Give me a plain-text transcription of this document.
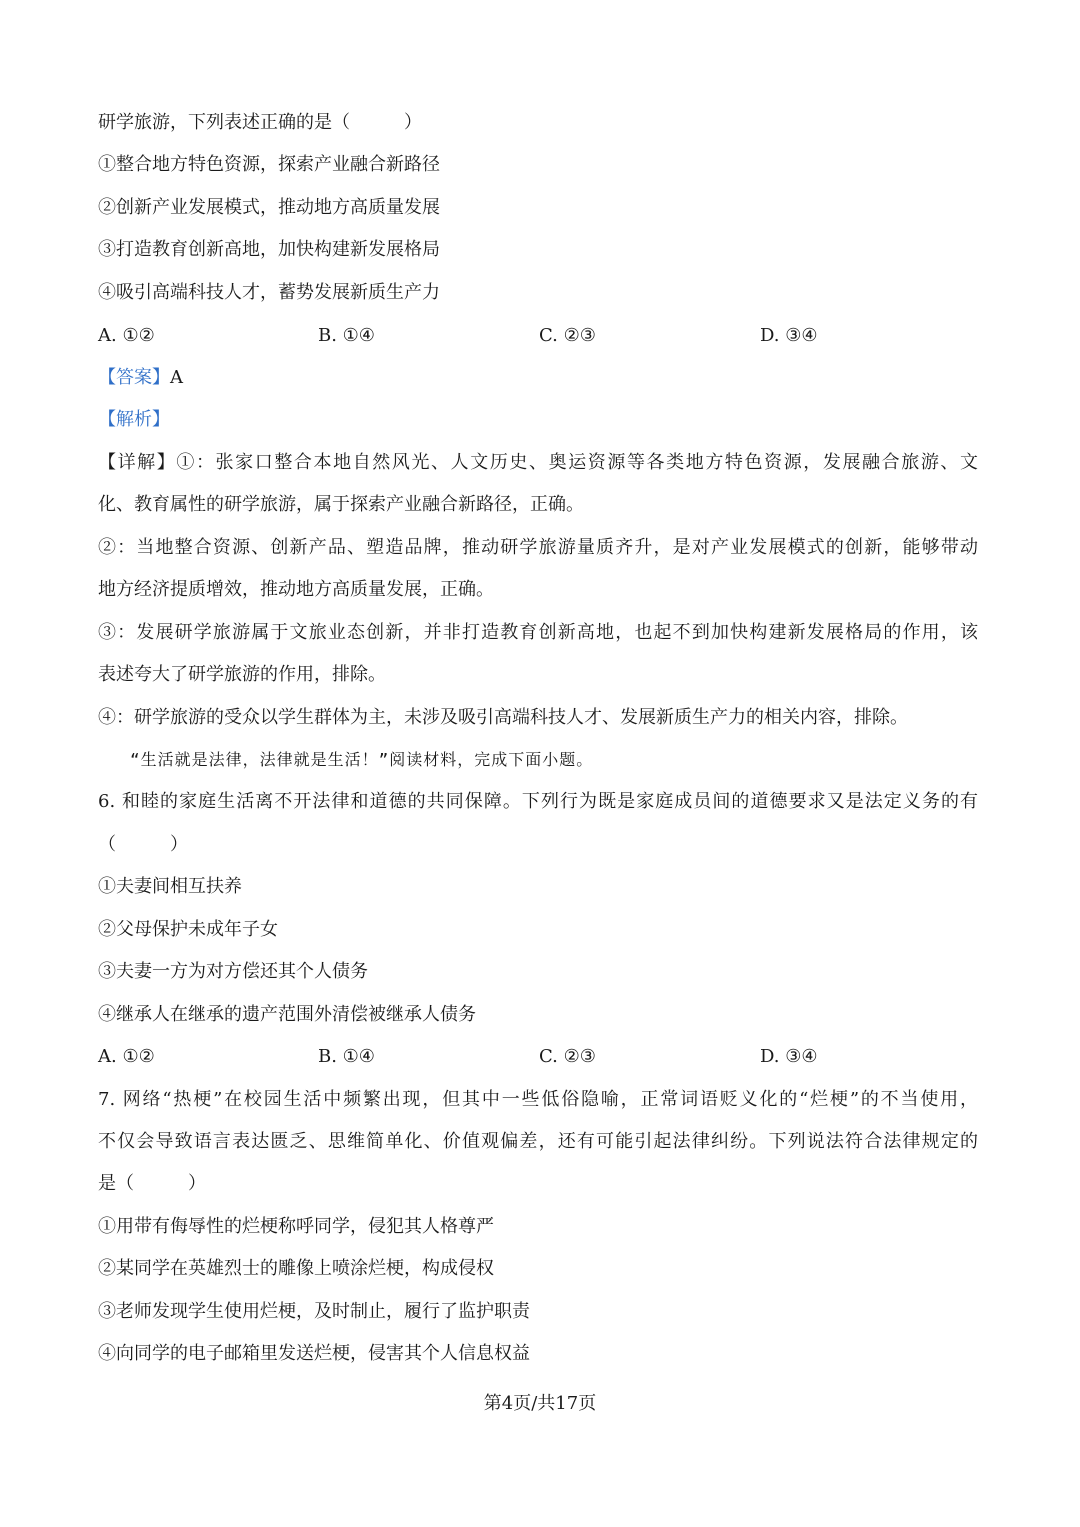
研学旅游，下列表述正确的是（　　　）
①整合地方特色资源，探索产业融合新路径
②创新产业发展模式，推动地方高质量发展
③打造教育创新高地，加快构建新发展格局
④吸引高端科技人才，蓄势发展新质生产力
A. ①②	B. ①④	C. ②③	D. ③④
【答案】A
【解析】
【详解】①：张家口整合本地自然风光、人文历史、奥运资源等各类地方特色资源，发展融合旅游、文
化、教育属性的研学旅游，属于探索产业融合新路径，正确。
②：当地整合资源、创新产品、塑造品牌，推动研学旅游量质齐升，是对产业发展模式的创新，能够带动
地方经济提质增效，推动地方高质量发展，正确。
③：发展研学旅游属于文旅业态创新，并非打造教育创新高地，也起不到加快构建新发展格局的作用，该
表述夸大了研学旅游的作用，排除。
④：研学旅游的受众以学生群体为主，未涉及吸引高端科技人才、发展新质生产力的相关内容，排除。
“生活就是法律，法律就是生活！”阅读材料，完成下面小题。
6. 和睦的家庭生活离不开法律和道德的共同保障。下列行为既是家庭成员间的道德要求又是法定义务的有
（　　　）
①夫妻间相互扶养
②父母保护未成年子女
③夫妻一方为对方偿还其个人债务
④继承人在继承的遗产范围外清偿被继承人债务
A. ①②	B. ①④	C. ②③	D. ③④
7. 网络“热梗”在校园生活中频繁出现，但其中一些低俗隐喻，正常词语贬义化的“烂梗”的不当使用，
不仅会导致语言表达匮乏、思维简单化、价值观偏差，还有可能引起法律纠纷。下列说法符合法律规定的
是（　　　）
①用带有侮辱性的烂梗称呼同学，侵犯其人格尊严
②某同学在英雄烈士的雕像上喷涂烂梗，构成侵权
③老师发现学生使用烂梗，及时制止，履行了监护职责
④向同学的电子邮箱里发送烂梗，侵害其个人信息权益
第4页/共17页
